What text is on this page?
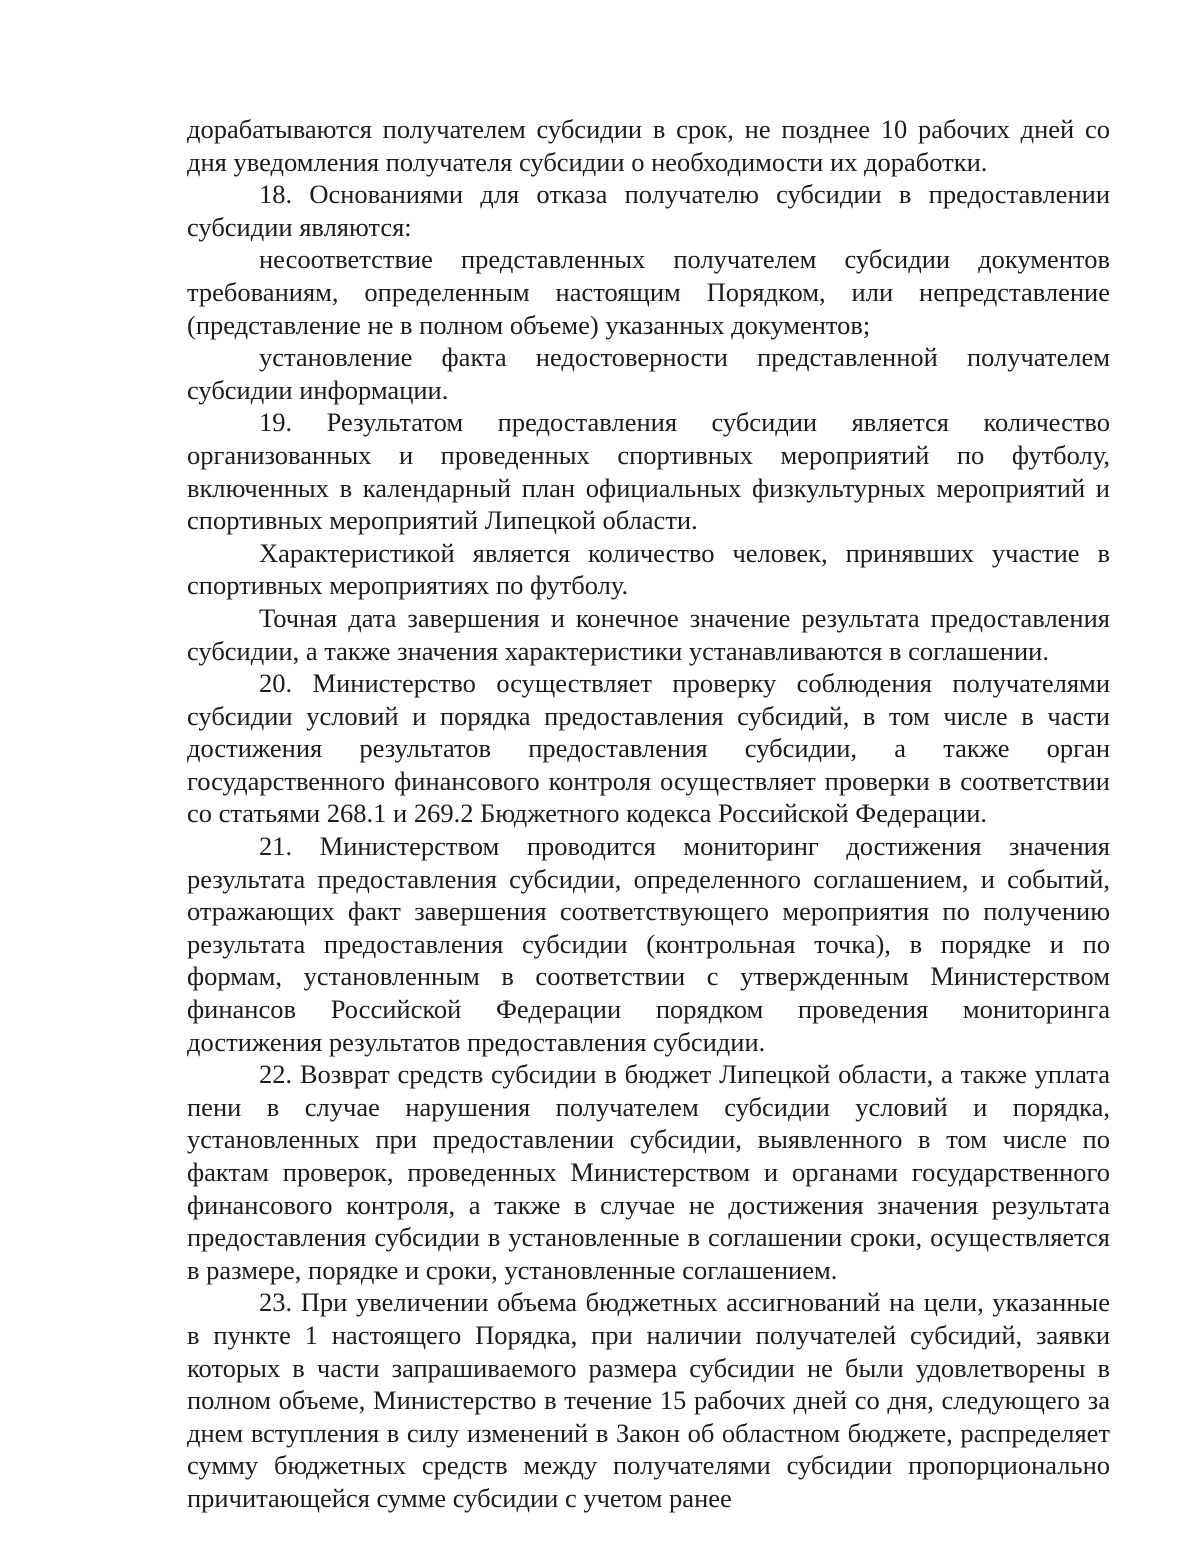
дорабатываются получателем субсидии в срок, не позднее 10 рабочих дней со дня уведомления получателя субсидии о необходимости их доработки.

18. Основаниями для отказа получателю субсидии в предоставлении субсидии являются:

несоответствие представленных получателем субсидии документов требованиям, определенным настоящим Порядком, или непредставление (представление не в полном объеме) указанных документов;

установление факта недостоверности представленной получателем субсидии информации.

19. Результатом предоставления субсидии является количество организованных и проведенных спортивных мероприятий по футболу, включенных в календарный план официальных физкультурных мероприятий и спортивных мероприятий Липецкой области.

Характеристикой является количество человек, принявших участие в спортивных мероприятиях по футболу.

Точная дата завершения и конечное значение результата предоставления субсидии, а также значения характеристики устанавливаются в соглашении.

20. Министерство осуществляет проверку соблюдения получателями субсидии условий и порядка предоставления субсидий, в том числе в части достижения результатов предоставления субсидии, а также орган государственного финансового контроля осуществляет проверки в соответствии со статьями 268.1 и 269.2 Бюджетного кодекса Российской Федерации.

21. Министерством проводится мониторинг достижения значения результата предоставления субсидии, определенного соглашением, и событий, отражающих факт завершения соответствующего мероприятия по получению результата предоставления субсидии (контрольная точка), в порядке и по формам, установленным в соответствии с утвержденным Министерством финансов Российской Федерации порядком проведения мониторинга достижения результатов предоставления субсидии.

22. Возврат средств субсидии в бюджет Липецкой области, а также уплата пени в случае нарушения получателем субсидии условий и порядка, установленных при предоставлении субсидии, выявленного в том числе по фактам проверок, проведенных Министерством и органами государственного финансового контроля, а также в случае не достижения значения результата предоставления субсидии в установленные в соглашении сроки, осуществляется в размере, порядке и сроки, установленные соглашением.

23. При увеличении объема бюджетных ассигнований на цели, указанные в пункте 1 настоящего Порядка, при наличии получателей субсидий, заявки которых в части запрашиваемого размера субсидии не были удовлетворены в полном объеме, Министерство в течение 15 рабочих дней со дня, следующего за днем вступления в силу изменений в Закон об областном бюджете, распределяет сумму бюджетных средств между получателями субсидии пропорционально причитающейся сумме субсидии с учетом ранее
